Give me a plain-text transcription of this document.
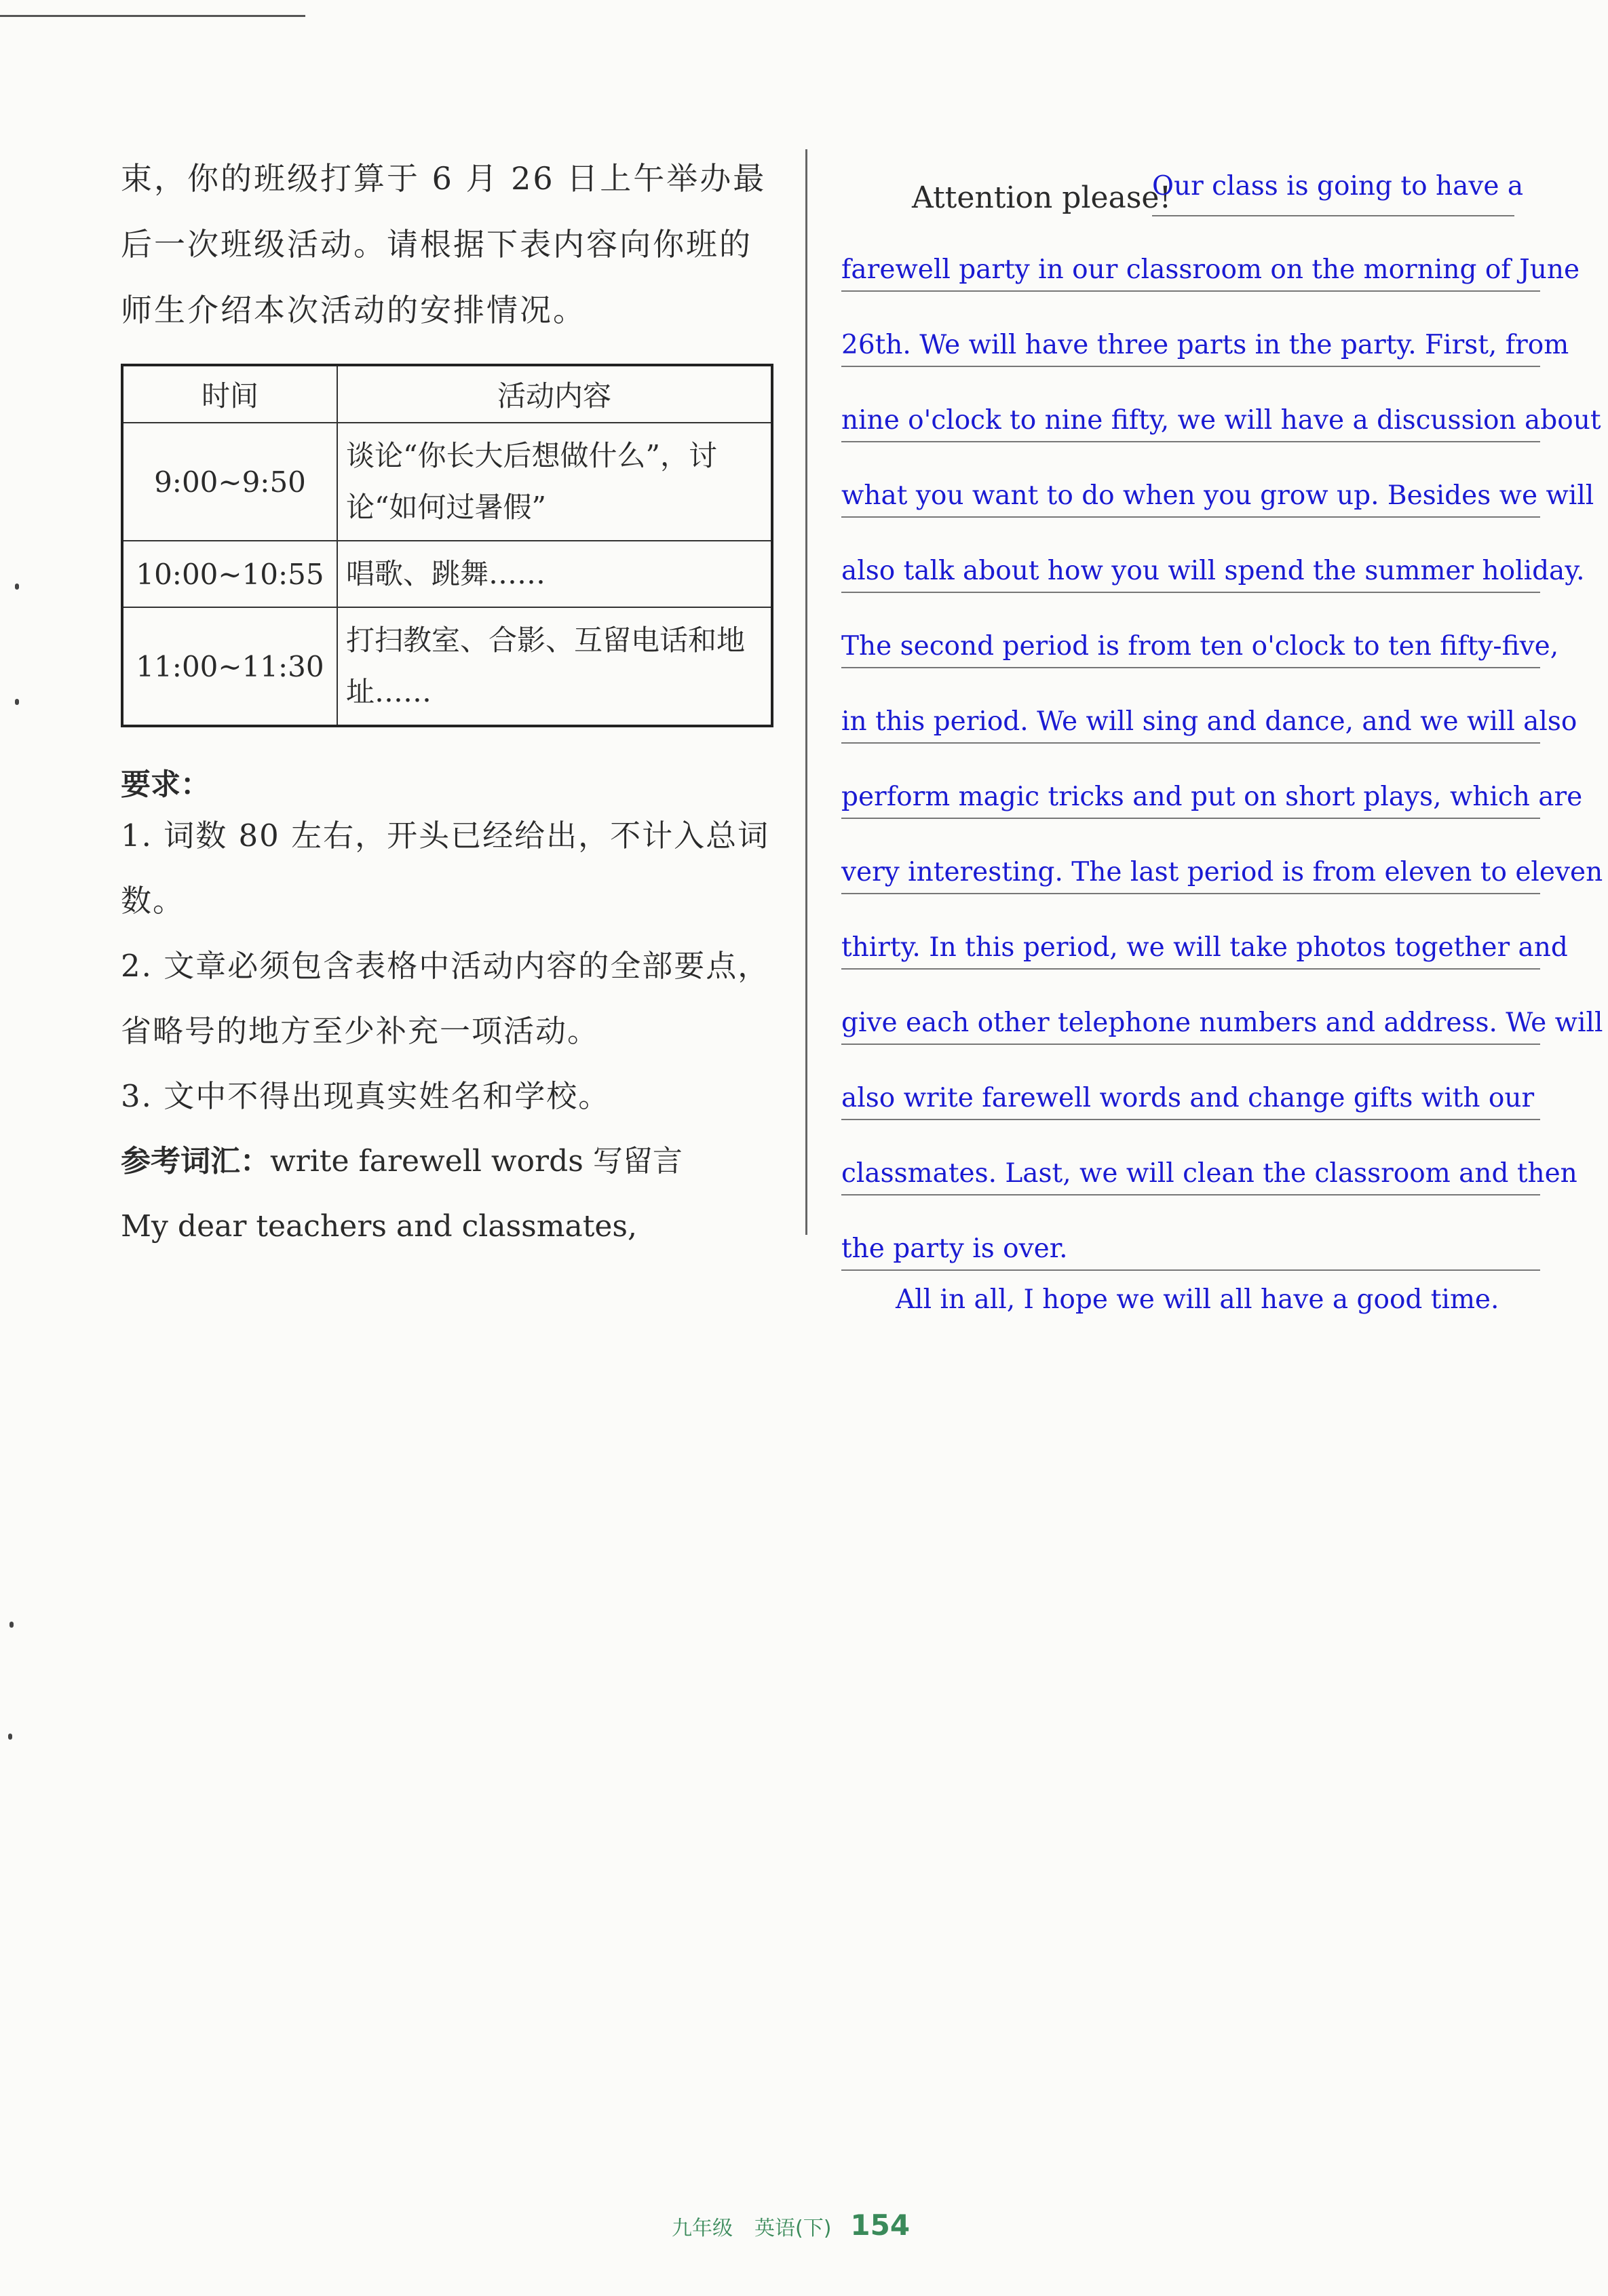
束，你的班级打算于 6 月 26 日上午举办最后一次班级活动。请根据下表内容向你班的师生介绍本次活动的安排情况。

时间	活动内容
9:00~9:50	谈论“你长大后想做什么”，讨论“如何过暑假”
10:00~10:55	唱歌、跳舞……
11:00~11:30	打扫教室、合影、互留电话和地址……
要求：

1. 词数 80 左右，开头已经给出，不计入总词数。

2. 文章必须包含表格中活动内容的全部要点，省略号的地方至少补充一项活动。

3. 文中不得出现真实姓名和学校。

参考词汇：write farewell words 写留言

My dear teachers and classmates,

Attention please!
Our class is going to have a
farewell party in our classroom on the morning of June
26th. We will have three parts in the party. First, from
nine o'clock to nine fifty, we will have a discussion about
what you want to do when you grow up. Besides we will
also talk about how you will spend the summer holiday.
The second period is from ten o'clock to ten fifty-five,
in this period. We will sing and dance, and we will also
perform magic tricks and put on short plays, which are
very interesting. The last period is from eleven to eleven
thirty. In this period, we will take photos together and
give each other telephone numbers and address. We will
also write farewell words and change gifts with our
classmates. Last, we will clean the classroom and then
the party is over.
All in all, I hope we will all have a good time.
九年级 英语(下) 154
